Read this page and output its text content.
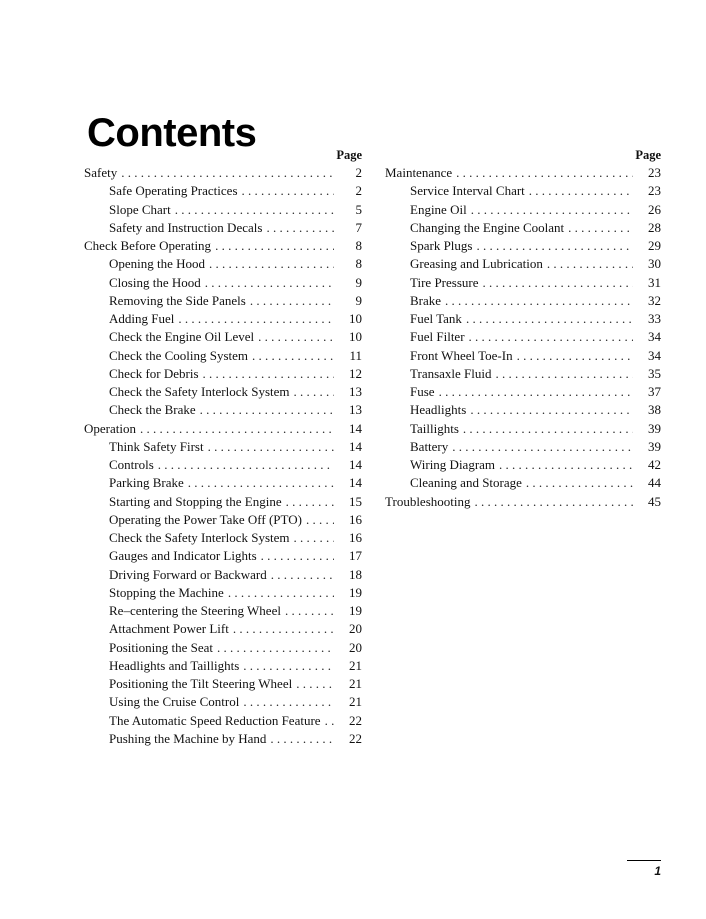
Contents
Page
Safety . . .	2
Safe Operating Practices . . .	2
Slope Chart . . .	5
Safety and Instruction Decals . . .	7
Check Before Operating . . .	8
Opening the Hood . . .	8
Closing the Hood . . .	9
Removing the Side Panels . . .	9
Adding Fuel . . .	10
Check the Engine Oil Level . . .	10
Check the Cooling System . . .	11
Check for Debris . . .	12
Check the Safety Interlock System . . .	13
Check the Brake . . .	13
Operation . . .	14
Think Safety First . . .	14
Controls . . .	14
Parking Brake . . .	14
Starting and Stopping the Engine . . .	15
Operating the Power Take Off (PTO) . . .	16
Check the Safety Interlock System . . .	16
Gauges and Indicator Lights . . .	17
Driving Forward or Backward . . .	18
Stopping the Machine . . .	19
Re–centering the Steering Wheel . . .	19
Attachment Power Lift . . .	20
Positioning the Seat . . .	20
Headlights and Taillights . . .	21
Positioning the Tilt Steering Wheel . . .	21
Using the Cruise Control . . .	21
The Automatic Speed Reduction Feature . . .	22
Pushing the Machine by Hand . . .	22
Page
Maintenance . . .	23
Service Interval Chart . . .	23
Engine Oil . . .	26
Changing the Engine Coolant . . .	28
Spark Plugs . . .	29
Greasing and Lubrication . . .	30
Tire Pressure . . .	31
Brake . . .	32
Fuel Tank . . .	33
Fuel Filter . . .	34
Front Wheel Toe-In . . .	34
Transaxle Fluid . . .	35
Fuse . . .	37
Headlights . . .	38
Taillights . . .	39
Battery . . .	39
Wiring Diagram . . .	42
Cleaning and Storage . . .	44
Troubleshooting . . .	45
1
